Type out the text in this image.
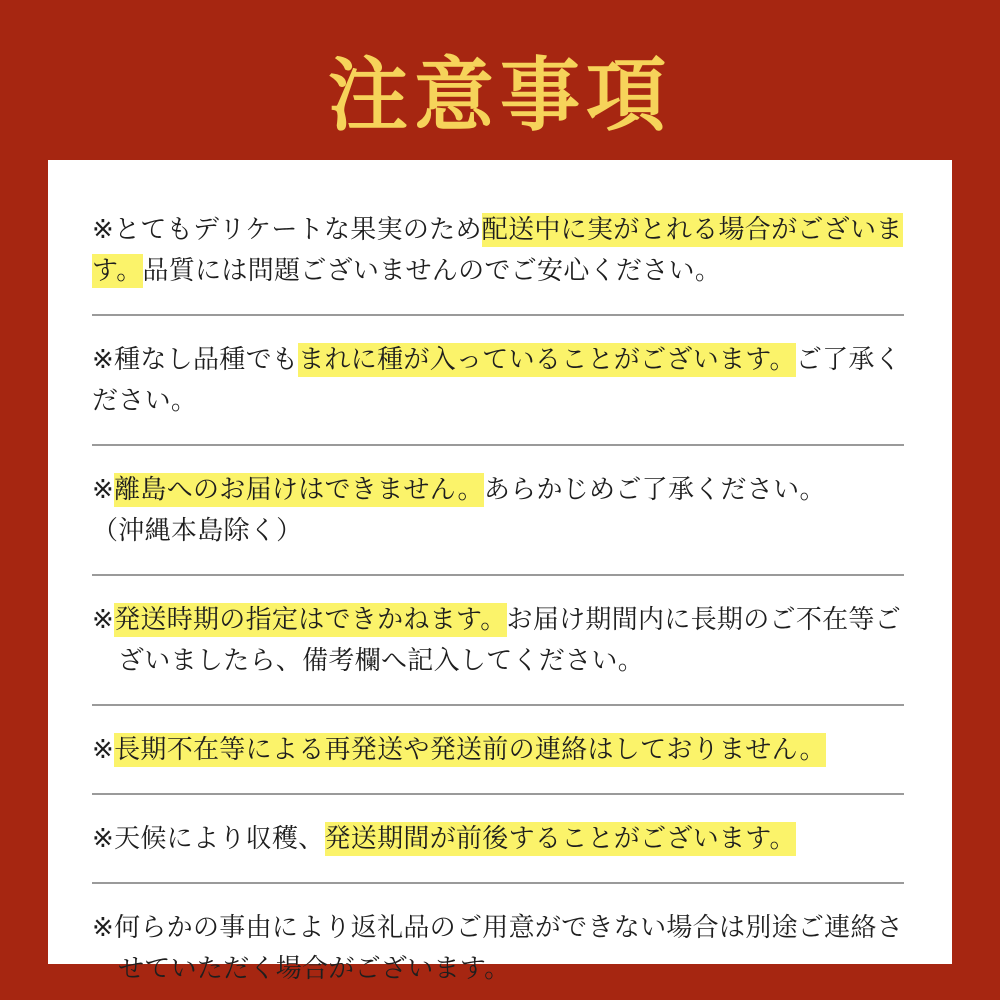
注意事項
※とてもデリケートな果実のため配送中に実がとれる場合がございます。品質には問題ございませんのでご安心ください。
※種なし品種でもまれに種が入っていることがございます。ご了承ください。
※離島へのお届けはできません。あらかじめご了承ください。
（沖縄本島除く）
※発送時期の指定はできかねます。お届け期間内に長期のご不在等ございましたら、備考欄へ記入してください。
※長期不在等による再発送や発送前の連絡はしておりません。
※天候により収穫、発送期間が前後することがございます。
※何らかの事由により返礼品のご用意ができない場合は別途ご連絡させていただく場合がございます。
